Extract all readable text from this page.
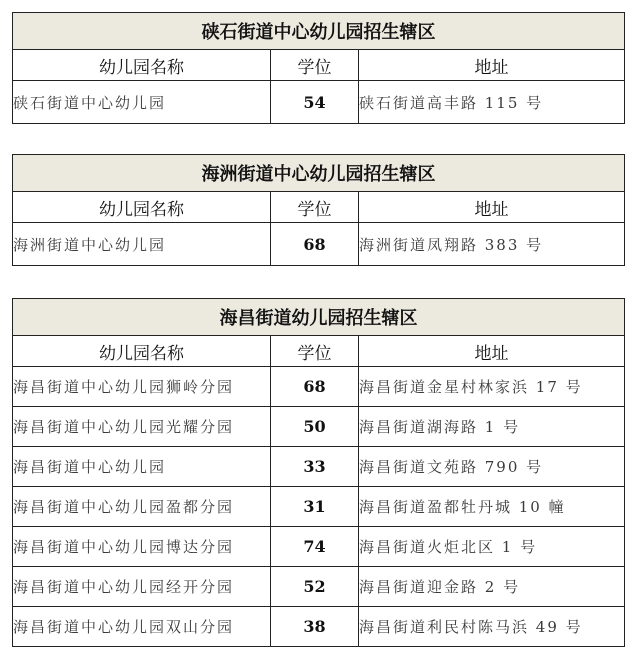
硖石街道中心幼儿园招生辖区		
幼儿园名称	学位	地址
硖石街道中心幼儿园	54	硖石街道高丰路 115 号
海洲街道中心幼儿园招生辖区		
幼儿园名称	学位	地址
海洲街道中心幼儿园	68	海洲街道凤翔路 383 号
海昌街道幼儿园招生辖区		
幼儿园名称	学位	地址
海昌街道中心幼儿园狮岭分园	68	海昌街道金星村林家浜 17 号
海昌街道中心幼儿园光耀分园	50	海昌街道湖海路 1 号
海昌街道中心幼儿园	33	海昌街道文苑路 790 号
海昌街道中心幼儿园盈都分园	31	海昌街道盈都牡丹城 10 幢
海昌街道中心幼儿园博达分园	74	海昌街道火炬北区 1 号
海昌街道中心幼儿园经开分园	52	海昌街道迎金路 2 号
海昌街道中心幼儿园双山分园	38	海昌街道利民村陈马浜 49 号
